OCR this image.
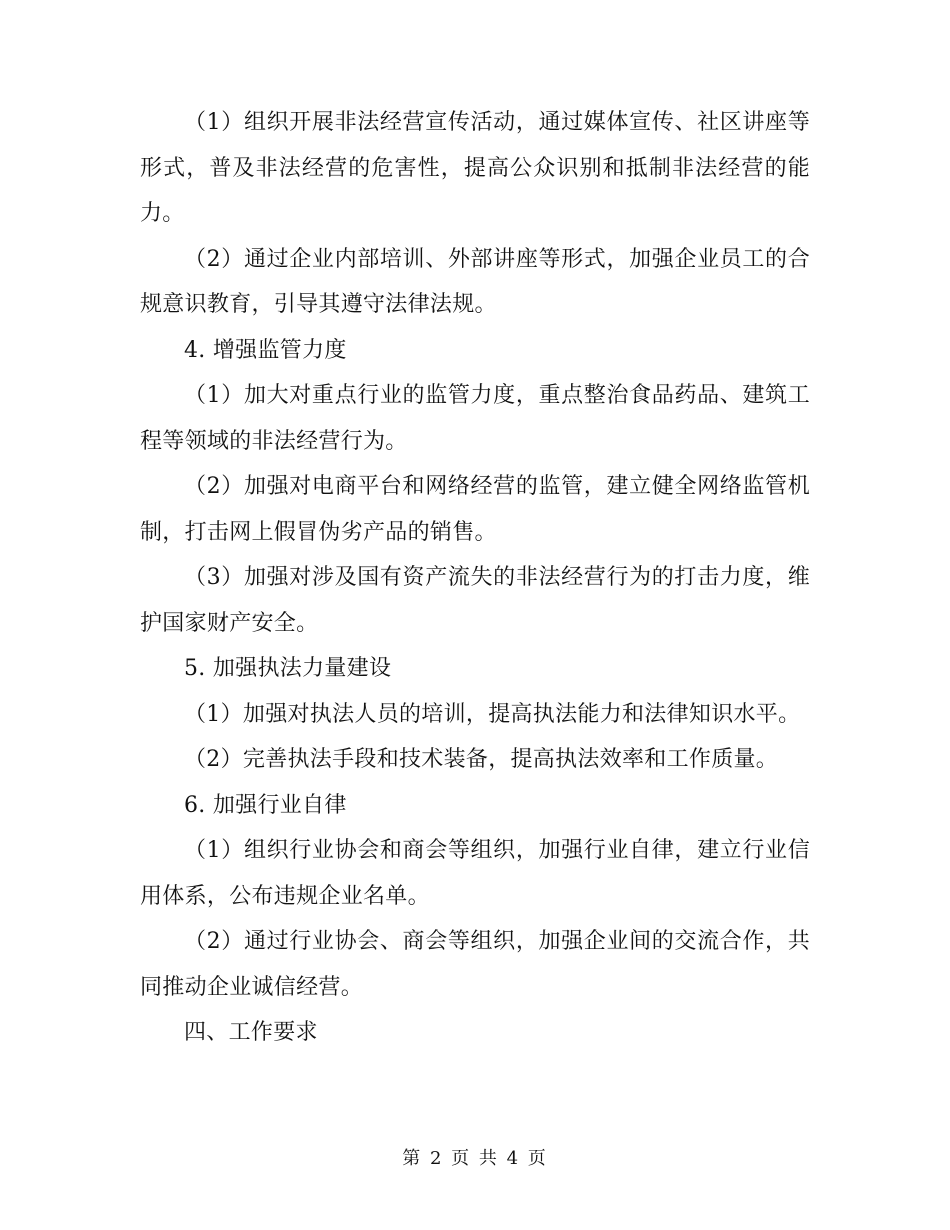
（1）组织开展非法经营宣传活动，通过媒体宣传、社区讲座等形式，普及非法经营的危害性，提高公众识别和抵制非法经营的能力。

（2）通过企业内部培训、外部讲座等形式，加强企业员工的合规意识教育，引导其遵守法律法规。

4. 增强监管力度

（1）加大对重点行业的监管力度，重点整治食品药品、建筑工程等领域的非法经营行为。

（2）加强对电商平台和网络经营的监管，建立健全网络监管机制，打击网上假冒伪劣产品的销售。

（3）加强对涉及国有资产流失的非法经营行为的打击力度，维护国家财产安全。

5. 加强执法力量建设

（1）加强对执法人员的培训，提高执法能力和法律知识水平。

（2）完善执法手段和技术装备，提高执法效率和工作质量。

6. 加强行业自律

（1）组织行业协会和商会等组织，加强行业自律，建立行业信用体系，公布违规企业名单。

（2）通过行业协会、商会等组织，加强企业间的交流合作，共同推动企业诚信经营。

四、工作要求

第 2 页 共 4 页
